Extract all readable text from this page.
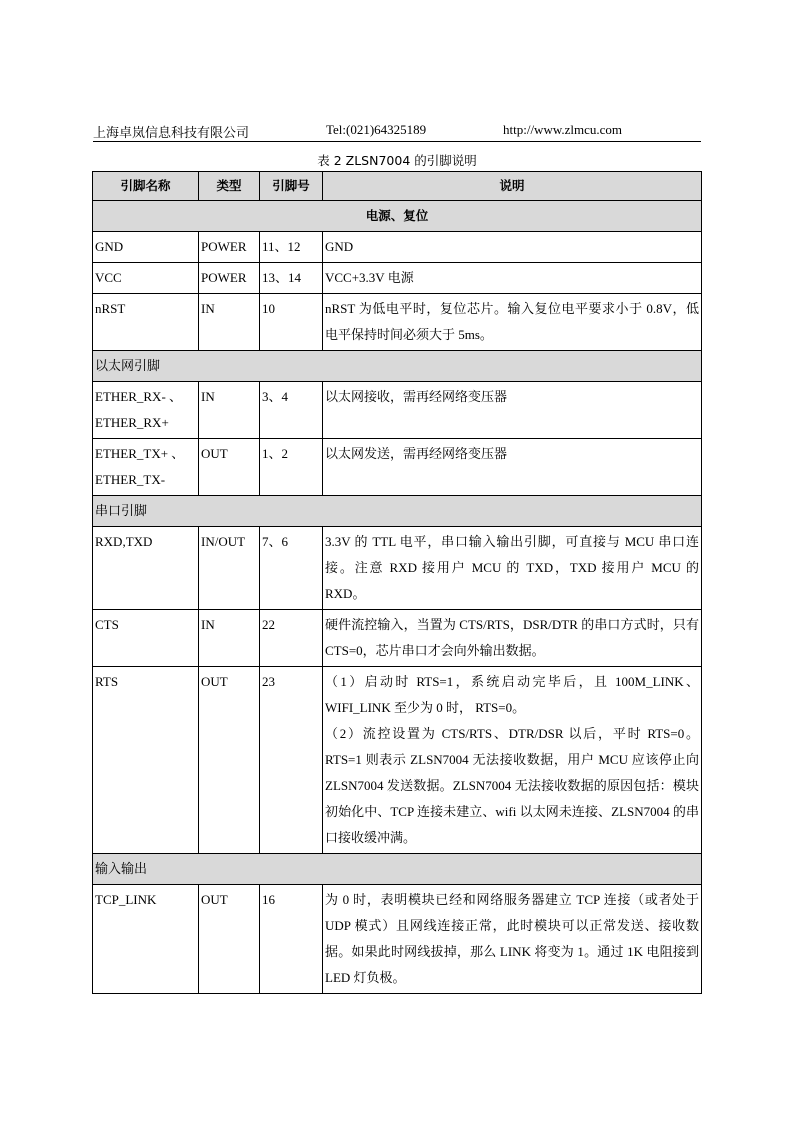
上海卓岚信息科技有限公司	Tel:(021)64325189	http://www.zlmcu.com
表 2 ZLSN7004 的引脚说明
引脚名称	类型	引脚号	说明
电源、复位			
GND	POWER	11、12	GND
VCC	POWER	13、14	VCC+3.3V 电源
nRST	IN	10	nRST 为低电平时，复位芯片。输入复位电平要求小于 0.8V，低电平保持时间必须大于 5ms。
以太网引脚			
ETHER_RX- 、ETHER_RX+	IN	3、4	以太网接收，需再经网络变压器
ETHER_TX+ 、ETHER_TX-	OUT	1、2	以太网发送，需再经网络变压器
串口引脚			
RXD,TXD	IN/OUT	7、6	3.3V 的 TTL 电平，串口输入输出引脚，可直接与 MCU 串口连接。注意 RXD 接用户 MCU 的 TXD，TXD 接用户 MCU 的 RXD。
CTS	IN	22	硬件流控输入，当置为 CTS/RTS，DSR/DTR 的串口方式时，只有 CTS=0，芯片串口才会向外输出数据。
RTS	OUT	23	（1）启动时 RTS=1，系统启动完毕后，且 100M_LINK、WIFI_LINK 至少为 0 时， RTS=0。
（2）流控设置为 CTS/RTS、DTR/DSR 以后，平时 RTS=0。RTS=1 则表示 ZLSN7004 无法接收数据，用户 MCU 应该停止向 ZLSN7004 发送数据。ZLSN7004 无法接收数据的原因包括：模块初始化中、TCP 连接未建立、wifi 以太网未连接、ZLSN7004 的串口接收缓冲满。

输入输出			
TCP_LINK	OUT	16	为 0 时，表明模块已经和网络服务器建立 TCP 连接（或者处于 UDP 模式）且网线连接正常，此时模块可以正常发送、接收数据。如果此时网线拔掉，那么 LINK 将变为 1。通过 1K 电阻接到 LED 灯负极。
